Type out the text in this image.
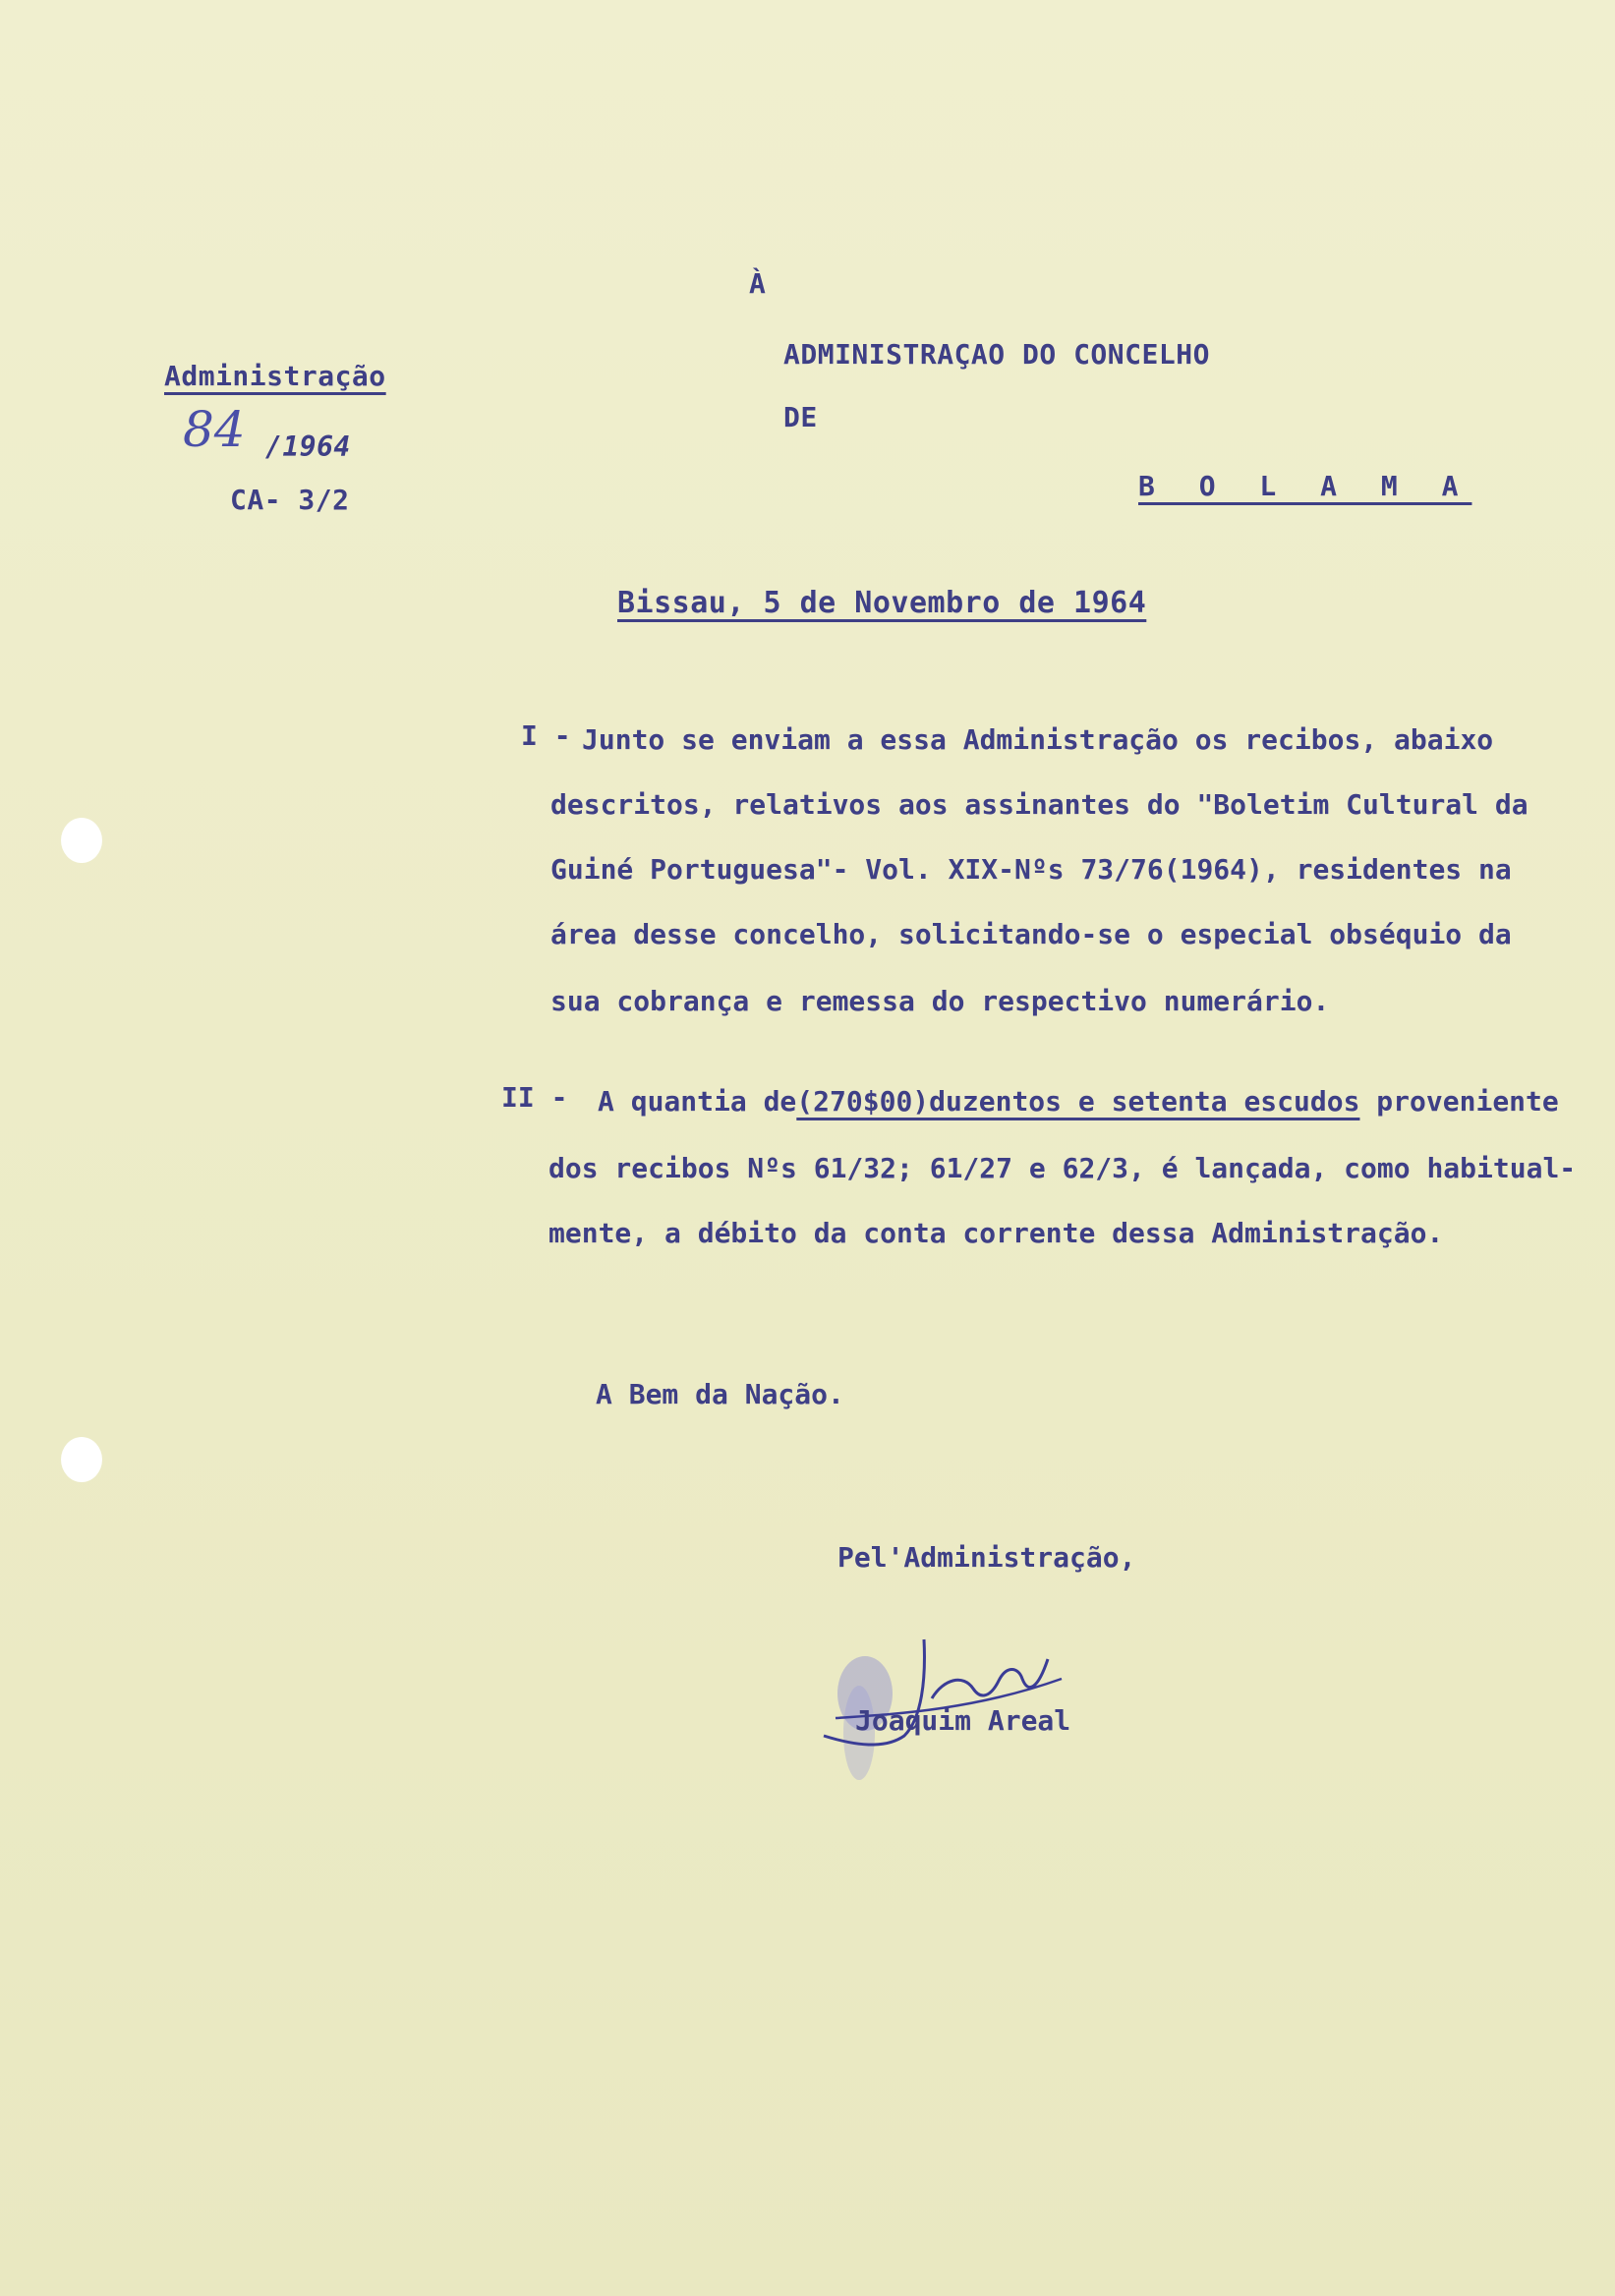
À
ADMINISTRAÇAO DO CONCELHO
DE
B O L A M A
Administração
84 /1964
CA- 3/2
Bissau, 5 de Novembro de 1964
I - Junto se enviam a essa Administração os recibos, abaixo
descritos, relativos aos assinantes do "Boletim Cultural da
Guiné Portuguesa"- Vol. XIX-Nºs 73/76(1964), residentes na
área desse concelho, solicitando-se o especial obséquio da
sua cobrança e remessa do respectivo numerário.
II - A quantia de(270$00)duzentos e setenta escudos proveniente
dos recibos Nºs 61/32; 61/27 e 62/3, é lançada, como habitual-
mente, a débito da conta corrente dessa Administração.
A Bem da Nação.
Pel'Administração,
Joaquim Areal
